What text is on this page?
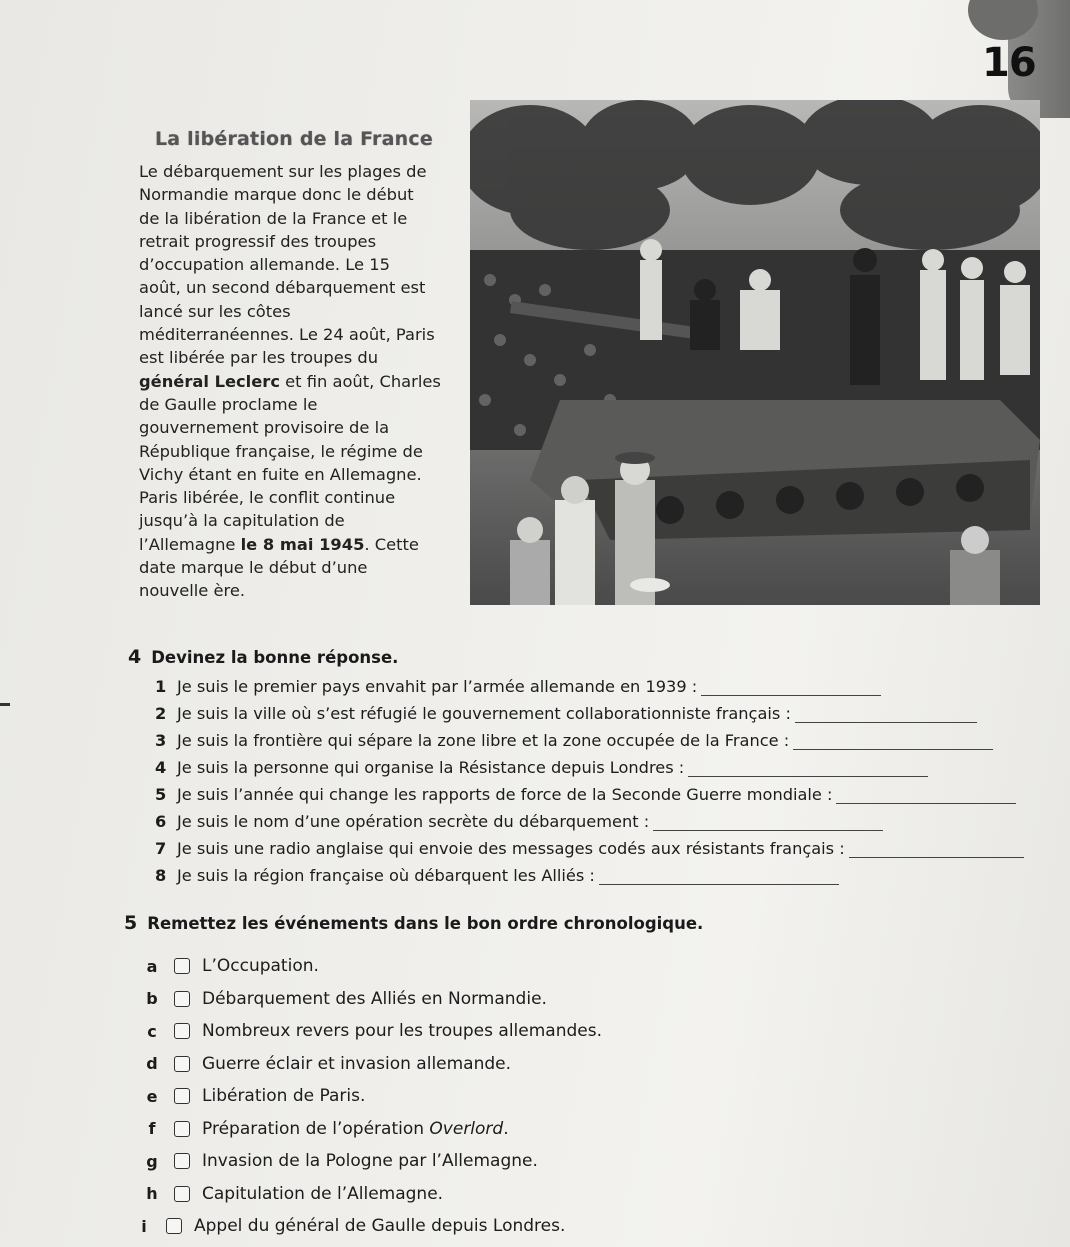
16
La libération de la France
Le débarquement sur les plages de
Normandie marque donc le début
de la libération de la France et le
retrait progressif des troupes
d’occupation allemande. Le 15
août, un second débarquement est
lancé sur les côtes
méditerranéennes. Le 24 août, Paris
est libérée par les troupes du
général Leclerc et fin août, Charles
de Gaulle proclame le
gouvernement provisoire de la
République française, le régime de
Vichy étant en fuite en Allemagne.
Paris libérée, le conflit continue
jusqu’à la capitulation de
l’Allemagne le 8 mai 1945. Cette
date marque le début d’une
nouvelle ère.
4 Devinez la bonne réponse.
1 Je suis le premier pays envahit par l’armée allemande en 1939 :
2 Je suis la ville où s’est réfugié le gouvernement collaborationniste français :
3 Je suis la frontière qui sépare la zone libre et la zone occupée de la France :
4 Je suis la personne qui organise la Résistance depuis Londres :
5 Je suis l’année qui change les rapports de force de la Seconde Guerre mondiale :
6 Je suis le nom d’une opération secrète du débarquement :
7 Je suis une radio anglaise qui envoie des messages codés aux résistants français :
8 Je suis la région française où débarquent les Alliés :
5 Remettez les événements dans le bon ordre chronologique.
a	L’Occupation.
b	Débarquement des Alliés en Normandie.
c	Nombreux revers pour les troupes allemandes.
d	Guerre éclair et invasion allemande.
e	Libération de Paris.
f	Préparation de l’opération Overlord.
g	Invasion de la Pologne par l’Allemagne.
h	Capitulation de l’Allemagne.
i	Appel du général de Gaulle depuis Londres.
